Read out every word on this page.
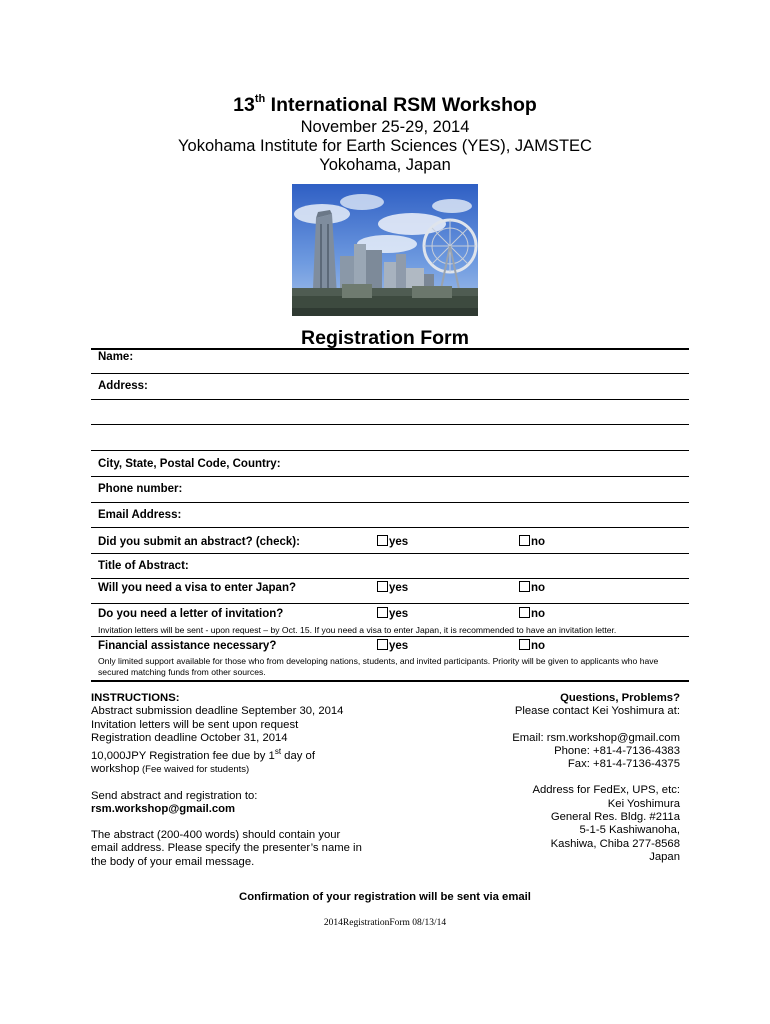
13th International RSM Workshop
November 25-29, 2014
Yokohama Institute for Earth Sciences (YES), JAMSTEC
Yokohama, Japan
Registration Form
Name:
Address:
City, State, Postal Code, Country:
Phone number:
Email Address:
Did you submit an abstract? (check):	yes	no
Title of Abstract:
Will you need a visa to enter Japan?	yes	no
Do you need a letter of invitation?	yes	no
Invitation letters will be sent - upon request – by Oct. 15. If you need a visa to enter Japan, it is recommended to have an invitation letter.
Financial assistance necessary?	yes	no
Only limited support available for those who from developing nations, students, and invited participants. Priority will be given to applicants who have secured matching funds from other sources.
INSTRUCTIONS:
Abstract submission deadline September 30, 2014
Invitation letters will be sent upon request
Registration deadline October 31, 2014
10,000JPY Registration fee due by 1st day of
workshop (Fee waived for students)
Send abstract and registration to:
rsm.workshop@gmail.com
The abstract (200-400 words) should contain your
email address. Please specify the presenter’s name in
the body of your email message.
Questions, Problems?
Please contact Kei Yoshimura at:
Email: rsm.workshop@gmail.com
Phone: +81-4-7136-4383
Fax: +81-4-7136-4375
Address for FedEx, UPS, etc:
Kei Yoshimura
General Res. Bldg. #211a
5-1-5 Kashiwanoha,
Kashiwa, Chiba 277-8568
Japan
Confirmation of your registration will be sent via email
2014RegistrationForm 08/13/14
